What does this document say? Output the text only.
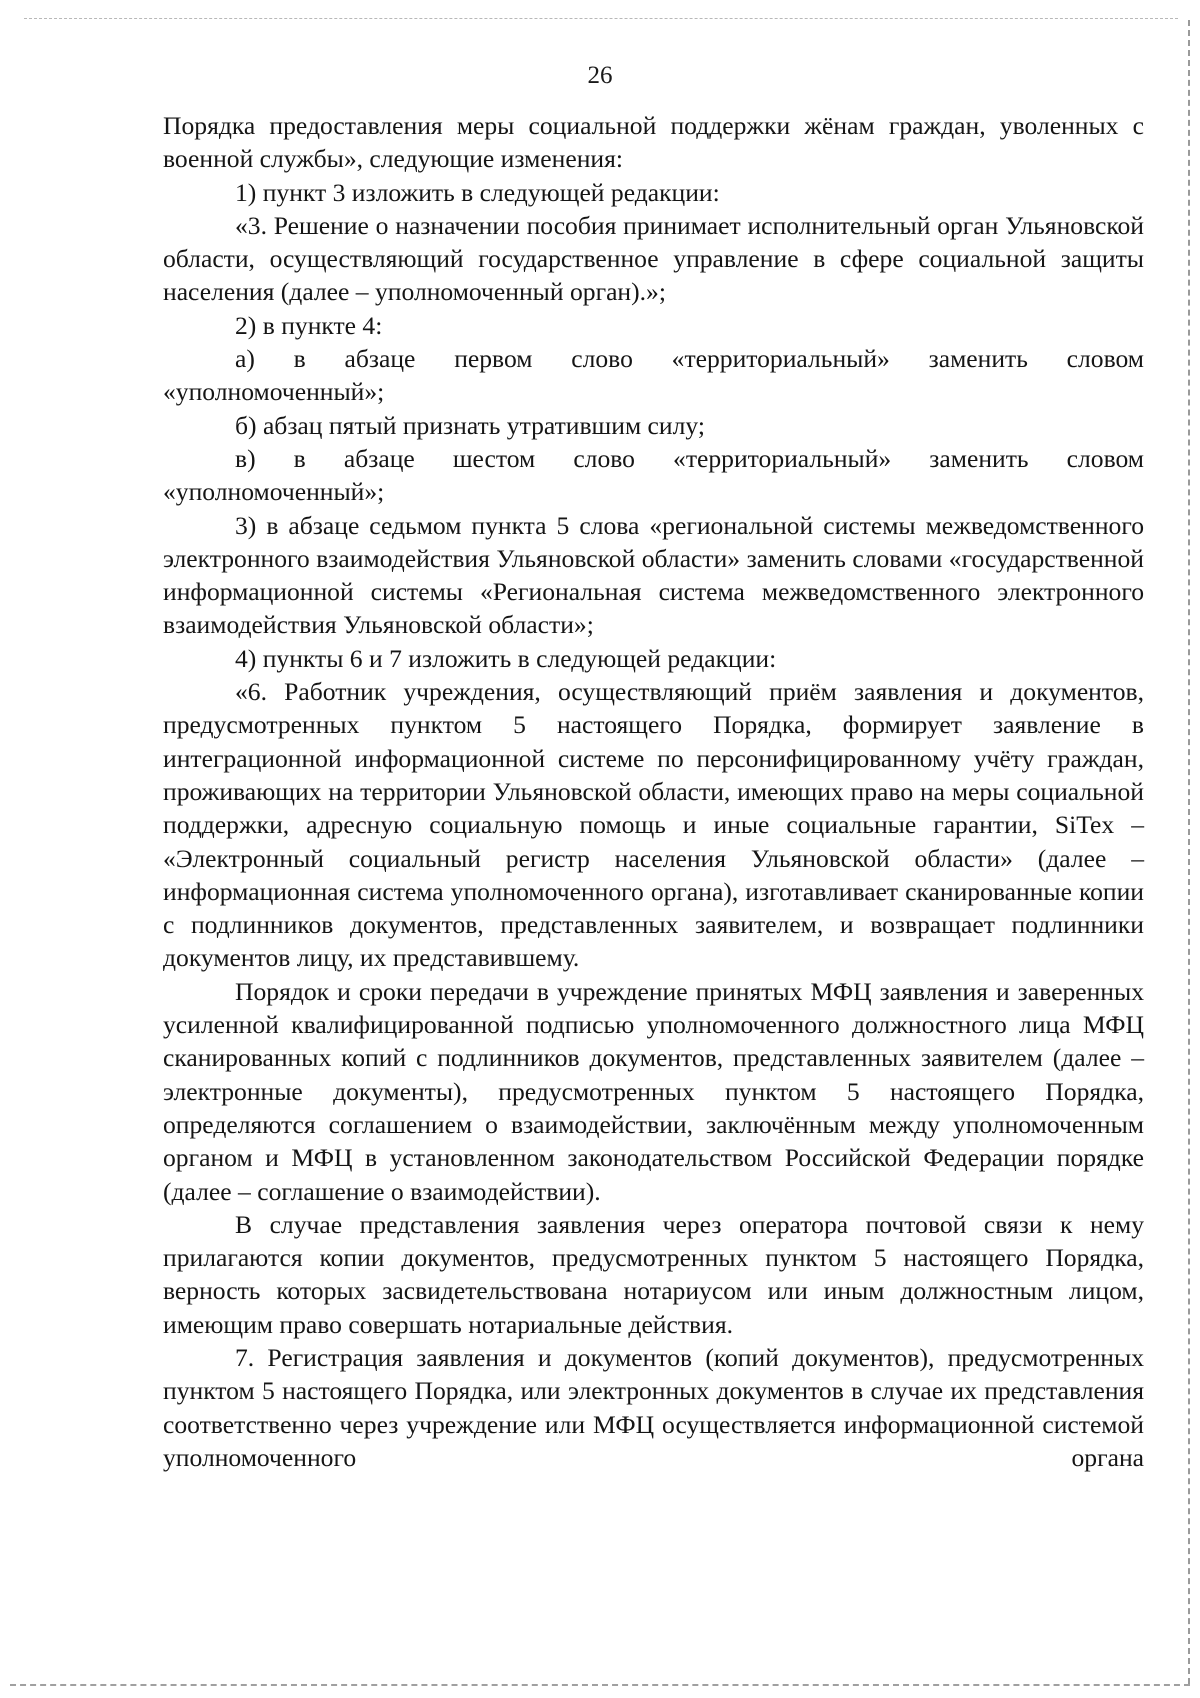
26

Порядка предоставления меры социальной поддержки жёнам граждан, уволенных с военной службы», следующие изменения:

1) пункт 3 изложить в следующей редакции:

«3. Решение о назначении пособия принимает исполнительный орган Ульяновской области, осуществляющий государственное управление в сфере социальной защиты населения (далее – уполномоченный орган).»;

2) в пункте 4:

а) в абзаце первом слово «территориальный» заменить словом «уполномоченный»;

б) абзац пятый признать утратившим силу;

в) в абзаце шестом слово «территориальный» заменить словом «уполномоченный»;

3) в абзаце седьмом пункта 5 слова «региональной системы межведомственного электронного взаимодействия Ульяновской области» заменить словами «государственной информационной системы «Региональная система межведомственного электронного взаимодействия Ульяновской области»;

4) пункты 6 и 7 изложить в следующей редакции:

«6. Работник учреждения, осуществляющий приём заявления и документов, предусмотренных пунктом 5 настоящего Порядка, формирует заявление в интеграционной информационной системе по персонифицированному учёту граждан, проживающих на территории Ульяновской области, имеющих право на меры социальной поддержки, адресную социальную помощь и иные социальные гарантии, SiTex – «Электронный социальный регистр населения Ульяновской области» (далее – информационная система уполномоченного органа), изготавливает сканированные копии с подлинников документов, представленных заявителем, и возвращает подлинники документов лицу, их представившему.

Порядок и сроки передачи в учреждение принятых МФЦ заявления и заверенных усиленной квалифицированной подписью уполномоченного должностного лица МФЦ сканированных копий с подлинников документов, представленных заявителем (далее – электронные документы), предусмотренных пунктом 5 настоящего Порядка, определяются соглашением о взаимодействии, заключённым между уполномоченным органом и МФЦ в установленном законодательством Российской Федерации порядке (далее – соглашение о взаимодействии).

В случае представления заявления через оператора почтовой связи к нему прилагаются копии документов, предусмотренных пунктом 5 настоящего Порядка, верность которых засвидетельствована нотариусом или иным должностным лицом, имеющим право совершать нотариальные действия.

7. Регистрация заявления и документов (копий документов), предусмотренных пунктом 5 настоящего Порядка, или электронных документов в случае их представления соответственно через учреждение или МФЦ осуществляется информационной системой уполномоченного органа
